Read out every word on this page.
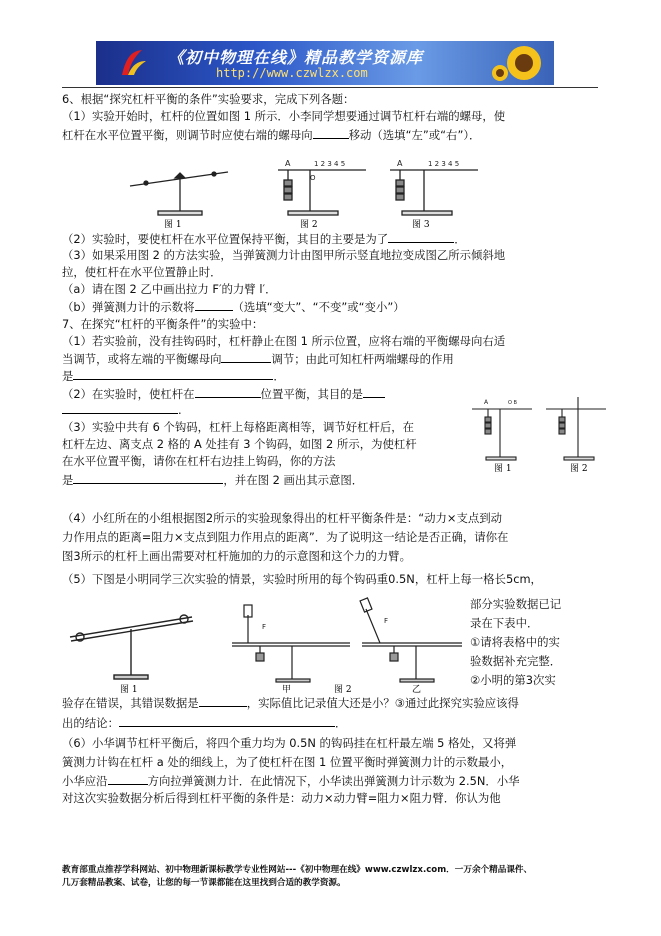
《初中物理在线》精品教学资源库
http://www.czwlzx.com
6、根据“探究杠杆平衡的条件”实验要求，完成下列各题：
（1）实验开始时，杠杆的位置如图 1 所示．小李同学想要通过调节杠杆右端的螺母，使
杠杆在水平位置平衡，则调节时应使右端的螺母向	移动（选填“左”或“右”）．
A	1 2 3 4 5
O
A	1 2 3 4 5
图 1	图 2	图 3
（2）实验时，要使杠杆在水平位置保持平衡，其目的主要是为了	．
（3）如果采用图 2 的方法实验，当弹簧测力计由图甲所示竖直地拉变成图乙所示倾斜地
拉，使杠杆在水平位置静止时．
（a）请在图 2 乙中画出拉力 F′的力臂 l′．
（b）弹簧测力计的示数将	（选填“变大”、“不变”或“变小”）
7、在探究“杠杆的平衡条件”的实验中：
（1）若实验前，没有挂钩码时，杠杆静止在图 1 所示位置，应将右端的平衡螺母向右适
当调节，或将左端的平衡螺母向	调节；由此可知杠杆两端螺母的作用
是	．
（2）在实验时，使杠杆在	位置平衡，其目的是
.
A	O B
图 1	图 2
（3）实验中共有 6 个钩码，杠杆上每格距离相等，调节好杠杆后，在
杠杆左边、离支点 2 格的 A 处挂有 3 个钩码，如图 2 所示，为使杠杆
在水平位置平衡，请你在杠杆右边挂上钩码，你的方法
是	，并在图 2 画出其示意图．
（4）小红所在的小组根据图2所示的实验现象得出的杠杆平衡条件是：“动力×支点到动
力作用点的距离=阻力×支点到阻力作用点的距离”．为了说明这一结论是否正确，请你在
图3所示的杠杆上画出需要对杠杆施加的力的示意图和这个力的力臂。
（5）下图是小明同学三次实验的情景，实验时所用的每个钩码重0.5N，杠杆上每一格长5cm，
F
F
图 1	甲	图 2	乙
部分实验数据已记
录在下表中．
①请将表格中的实
验数据补充完整．
②小明的第3次实
验存在错误，其错误数据是	，实际值比记录值大还是小？③通过此探究实验应该得
出的结论：	．
（6）小华调节杠杆平衡后，将四个重力均为 0.5N 的钩码挂在杠杆最左端 5 格处，又将弹
簧测力计钩在杠杆 a 处的细线上，为了使杠杆在图 1 位置平衡时弹簧测力计的示数最小，
小华应沿	方向拉弹簧测力计．在此情况下，小华读出弹簧测力计示数为 2.5N．小华
对这次实验数据分析后得到杠杆平衡的条件是：动力×动力臂=阻力×阻力臂．你认为他
教育部重点推荐学科网站、初中物理新课标教学专业性网站---《初中物理在线》www.czwlzx.com．一万余个精品课件、
几万套精品教案、试卷，让您的每一节课都能在这里找到合适的教学资源。
